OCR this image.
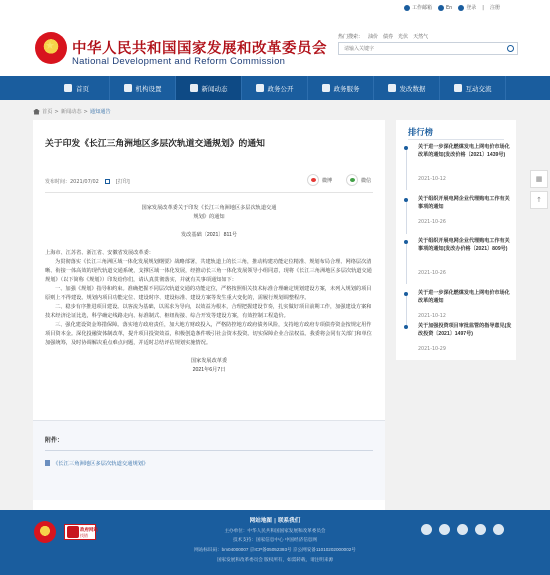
工作邮箱	En	登录 | 注册
★
中华人民共和国国家发展和改革委员会
National Development and Reform Commission
热门搜索： 油价 债券 光伏 天然气
请输入关键字
首页	机构设置	新闻动态	政务公开	政务服务	发改数据	互动交流
首页 > 新闻动态 > 通知通告
关于印发《长江三角洲地区多层次轨道交通规划》的通知
发布时间：2021/07/02	[打印]	微博	微信

国家发展改革委关于印发《长江三角洲地区多层次轨道交通规划》的通知

发改基础〔2021〕811号

上海市、江苏省、浙江省、安徽省发展改革委：

为贯彻落实《长江三角洲区域一体化发展规划纲要》战略部署，共建轨道上的长三角，推动构建功能定位精准、规划布局合理、网络层次清晰、衔接一体高效的现代轨道交通系统，支撑区域一体化发展，经推动长三角一体化发展领导小组同意，现将《长江三角洲地区多层次轨道交通规划》（以下简称《规划》）印发给你们，请认真贯彻落实，并就有关事项通知如下：

一、加强《规划》指导和约束。准确把握不同层次轨道交通的功能定位，严格按照相关技术标准合理确定规划建设方案，未列入规划的项目原则上不得建设。规划内项目功能定位、建设时序、建设标准、建设方案等发生重大变化的，需履行规划调整程序。

二、稳步有序推进项目建设。以客流为基础，以需求为导向，以效益为根本，合理把握建设节奏，扎实做好项目前期工作，加强建设方案和技术经济论证比选，科学确定线路走向、标准制式、枢纽衔接、综合开发等建设方案，有效控制工程造价。

三、强化建设资金筹措保障。落实地方政府责任，加大地方财政投入，严格防控地方政府债务风险，支持地方政府专项债券资金按规定用作项目资本金。深化投融资体制改革，提升项目投资效益，积极创造条件吸引社会资本投资。切实保障企业合法权益。我委将会同有关部门和单位加强统筹，及时协调解决重点难点问题，并适时总结评估规划实施情况。

国家发展改革委

2021年6月7日

附件：
《长江三角洲地区多层次轨道交通规划》
排行榜
关于进一步深化燃煤发电上网电价市场化改革的通知(发改价格〔2021〕1439号)
2021-10-12
关于组织开展电网企业代理购电工作有关事项的通知
2021-10-26
关于组织开展电网企业代理购电工作有关事项的通知(发改办价格〔2021〕809号)
2021-10-26
关于进一步深化燃煤发电上网电价市场化改革的通知
2021-10-12
关于加强投资项目审批监管的指导意见(发改投资〔2021〕1497号)
2021-10-29
▦
↑
网站地图 | 联系我们
政府网站
找错
主办单位：中华人民共和国国家发展和改革委员会
技术支持：国家信息中心 中国经济信息网
网站标识码：bm04000007 京ICP备05052393号 京公网安备11010202000002号
国家发展和改革委员会 版权所有，如需转载，请注明来源
